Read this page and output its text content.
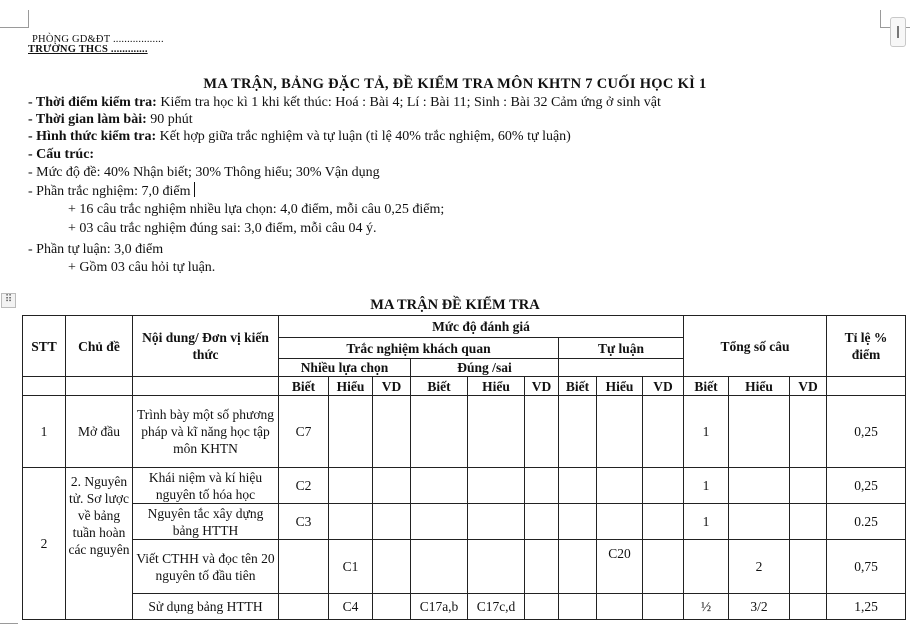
PHÒNG GD&ĐT ..................
TRƯỜNG THCS .............
MA TRẬN, BẢNG ĐẶC TẢ, ĐỀ KIỂM TRA MÔN KHTN 7 CUỐI HỌC KÌ 1
- Thời điểm kiểm tra: Kiểm tra học kì 1 khi kết thúc: Hoá : Bài 4; Lí : Bài 11; Sinh : Bài 32 Cảm ứng ở sinh vật
- Thời gian làm bài: 90 phút
- Hình thức kiểm tra: Kết hợp giữa trắc nghiệm và tự luận (tỉ lệ 40% trắc nghiệm, 60% tự luận)
- Cấu trúc:
- Mức độ đề: 40% Nhận biết; 30% Thông hiểu; 30% Vận dụng
- Phần trắc nghiệm: 7,0 điểm
+ 16 câu trắc nghiệm nhiều lựa chọn: 4,0 điểm, mỗi câu 0,25 điểm;
+ 03 câu trắc nghiệm đúng sai: 3,0 điểm, mỗi câu 04 ý.
- Phần tự luận: 3,0 điểm
+ Gồm 03 câu hỏi tự luận.
⠿	MA TRẬN ĐỀ KIỂM TRA
STT	Chủ đề	Nội dung/ Đơn vị kiến thức	Mức độ đánh giá									Tổng số câu			Tỉ lệ % điểm
			Trắc nghiệm khách quan						Tự luận						
			Nhiều lựa chọn			Đúng /sai									
			Biết	Hiểu	VD	Biết	Hiểu	VD	Biết	Hiểu	VD	Biết	Hiểu	VD	
1	Mở đầu	Trình bày một số phương pháp và kĩ năng học tập môn KHTN	C7									1			0,25
2	2. Nguyên tử. Sơ lược về bảng tuần hoàn các nguyên	Khái niệm và kí hiệu nguyên tố hóa học	C2									1			0,25
		Nguyên tắc xây dựng bảng HTTH	C3									1			0.25
		Viết CTHH và đọc tên 20 nguyên tố đầu tiên		C1						C20			2		0,75
		Sử dụng bảng HTTH		C4		C17a,b	C17c,d					½	3/2		1,25
